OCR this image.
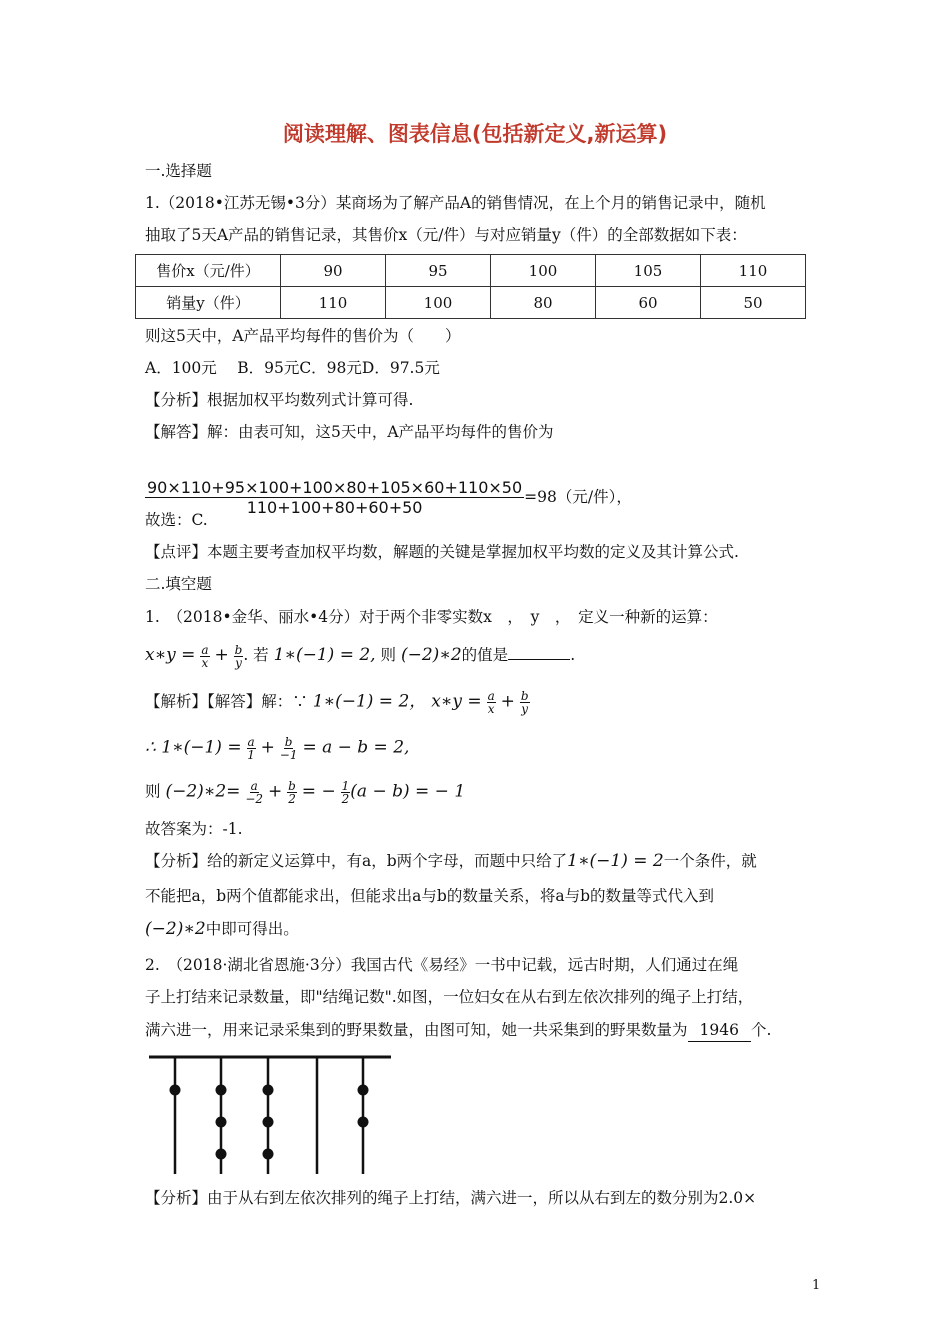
阅读理解、图表信息(包括新定义,新运算)
一.选择题
1.（2018•江苏无锡•3分）某商场为了解产品A的销售情况，在上个月的销售记录中，随机
抽取了5天A产品的销售记录，其售价x（元/件）与对应销量y（件）的全部数据如下表：
售价x（元/件）	90	95	100	105	110
销量y（件）	110	100	80	60	50
则这5天中，A产品平均每件的售价为（　　）
A．100元　 B．95元C．98元D．97.5元
【分析】根据加权平均数列式计算可得.
【解答】解：由表可知，这5天中，A产品平均每件的售价为
$\frac{90\times 110+95\times 100+100\times 80+105\times 60+110\times 50}{110+100+80+60+50} =98$（元/件），
故选：C.
【点评】本题主要考查加权平均数，解题的关键是掌握加权平均数的定义及其计算公式.
二.填空题
1.　（2018•金华、丽水•4分）对于两个非零实数x　，　y　，　定义一种新的运算：
x∗y = $\frac{a}{x} + \frac{b}{y}$ . 若 1∗(−1) = 2, 则 (−2)∗2的值是	.
【解析】【解答】解：∵ 1∗(−1) = 2， x∗y = $\frac{a}{x} + \frac{b}{y}$
∴ 1∗(−1) = $\frac{a}{1} + \frac{b}{-1} = a - b = 2$,
则 (−2)∗2= $\frac{a}{-2} + \frac{b}{2}$ = − $\frac{1}{2} (a - b)$ = − 1
故答案为：-1.
【分析】给的新定义运算中，有a，b两个字母，而题中只给了1∗(−1) = 2一个条件，就
不能把a，b两个值都能求出，但能求出a与b的数量关系，将a与b的数量等式代入到
(−2)∗2中即可得出。
2.　（2018·湖北省恩施·3分）我国古代《易经》一书中记载，远古时期，人们通过在绳
子上打结来记录数量，即"结绳记数".如图，一位妇女在从右到左依次排列的绳子上打结，
满六进一，用来记录采集到的野果数量，由图可知，她一共采集到的野果数量为 1946 个.
【分析】由于从右到左依次排列的绳子上打结，满六进一，所以从右到左的数分别为2.0×
1
